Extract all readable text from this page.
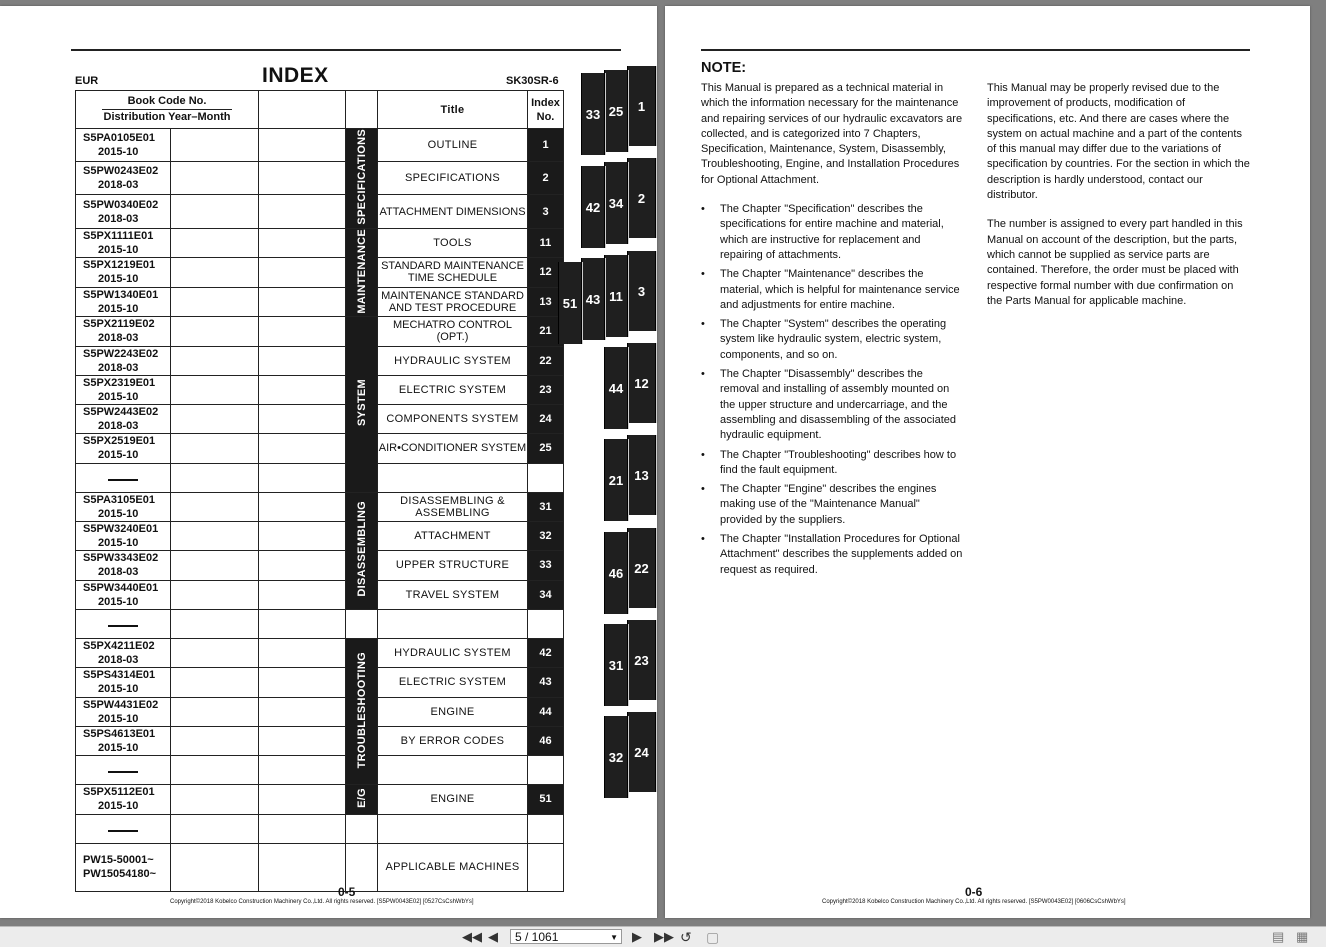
EUR	INDEX	SK30SR-6
Book Code No.
Distribution Year–Month				Title	Index
No.

S5PA0105E01
2015-10			SPECIFICATIONS	OUTLINE	1

S5PW0243E02
2018-03				SPECIFICATIONS	2

S5PW0340E02
2018-03				ATTACHMENT DIMENSIONS	3

S5PX1111E01
2015-10			MAINTENANCE	TOOLS	11

S5PX1219E01
2015-10				STANDARD MAINTENANCE TIME SCHEDULE	12

S5PW1340E01
2015-10				MAINTENANCE STANDARD AND TEST PROCEDURE	13

S5PX2119E02
2018-03			SYSTEM	MECHATRO CONTROL (OPT.)	21

S5PW2243E02
2018-03				HYDRAULIC SYSTEM	22

S5PX2319E01
2015-10				ELECTRIC SYSTEM	23

S5PW2443E02
2018-03				COMPONENTS SYSTEM	24

S5PX2519E01
2015-10				AIR•CONDITIONER SYSTEM	25

S5PA3105E01
2015-10			DISASSEMBLING	DISASSEMBLING & ASSEMBLING	31

S5PW3240E01
2015-10				ATTACHMENT	32

S5PW3343E02
2018-03				UPPER STRUCTURE	33

S5PW3440E01
2015-10				TRAVEL SYSTEM	34

S5PX4211E02
2018-03			TROUBLESHOOTING	HYDRAULIC SYSTEM	42

S5PS4314E01
2015-10				ELECTRIC SYSTEM	43

S5PW4431E02
2015-10				ENGINE	44

S5PS4613E01
2015-10				BY ERROR CODES	46

S5PX5112E01
2015-10			E/G	ENGINE	51

PW15-50001~
PW15054180~				APPLICABLE MACHINES	
0-5
Copyright©2018 Kobelco Construction Machinery Co.,Ltd. All rights reserved. [S5PW0043E02] [0527CsCshWbYs]
1
25
33
2
34
42
3
11
43
51
12
44
13
21
22
46
23
31
24
32
NOTE:

This Manual is prepared as a technical material in which the information necessary for the maintenance and repairing services of our hydraulic excavators are collected, and is categorized into 7 Chapters, Specification, Maintenance, System, Disassembly, Troubleshooting, Engine, and Installation Procedures for Optional Attachment.

• The Chapter "Specification" describes the specifications for entire machine and material, which are instructive for replacement and repairing of attachments.
• The Chapter "Maintenance" describes the material, which is helpful for maintenance service and adjustments for entire machine.
• The Chapter "System" describes the operating system like hydraulic system, electric system, components, and so on.
• The Chapter "Disassembly" describes the removal and installing of assembly mounted on the upper structure and undercarriage, and the assembling and disassembling of the associated hydraulic equipment.
• The Chapter "Troubleshooting" describes how to find the fault equipment.
• The Chapter "Engine" describes the engines making use of the "Maintenance Manual" provided by the suppliers.
• The Chapter "Installation Procedures for Optional Attachment" describes the supplements added on request as required.

This Manual may be properly revised due to the improvement of products, modification of specifications, etc. And there are cases where the system on actual machine and a part of the contents of this manual may differ due to the variations of specification by countries. For the section in which the description is hardly understood, contact our distributor.

The number is assigned to every part handled in this Manual on account of the description, but the parts, which cannot be supplied as service parts are contained. Therefore, the order must be placed with respective formal number with due confirmation on the Parts Manual for applicable machine.

0-6
Copyright©2018 Kobelco Construction Machinery Co.,Ltd. All rights reserved. [S5PW0043E02] [0606CsCshWbYs]
◀◀ ◀	5 / 1061	▼ ▶ ▶▶ ↺ ▢	▤ ▦
